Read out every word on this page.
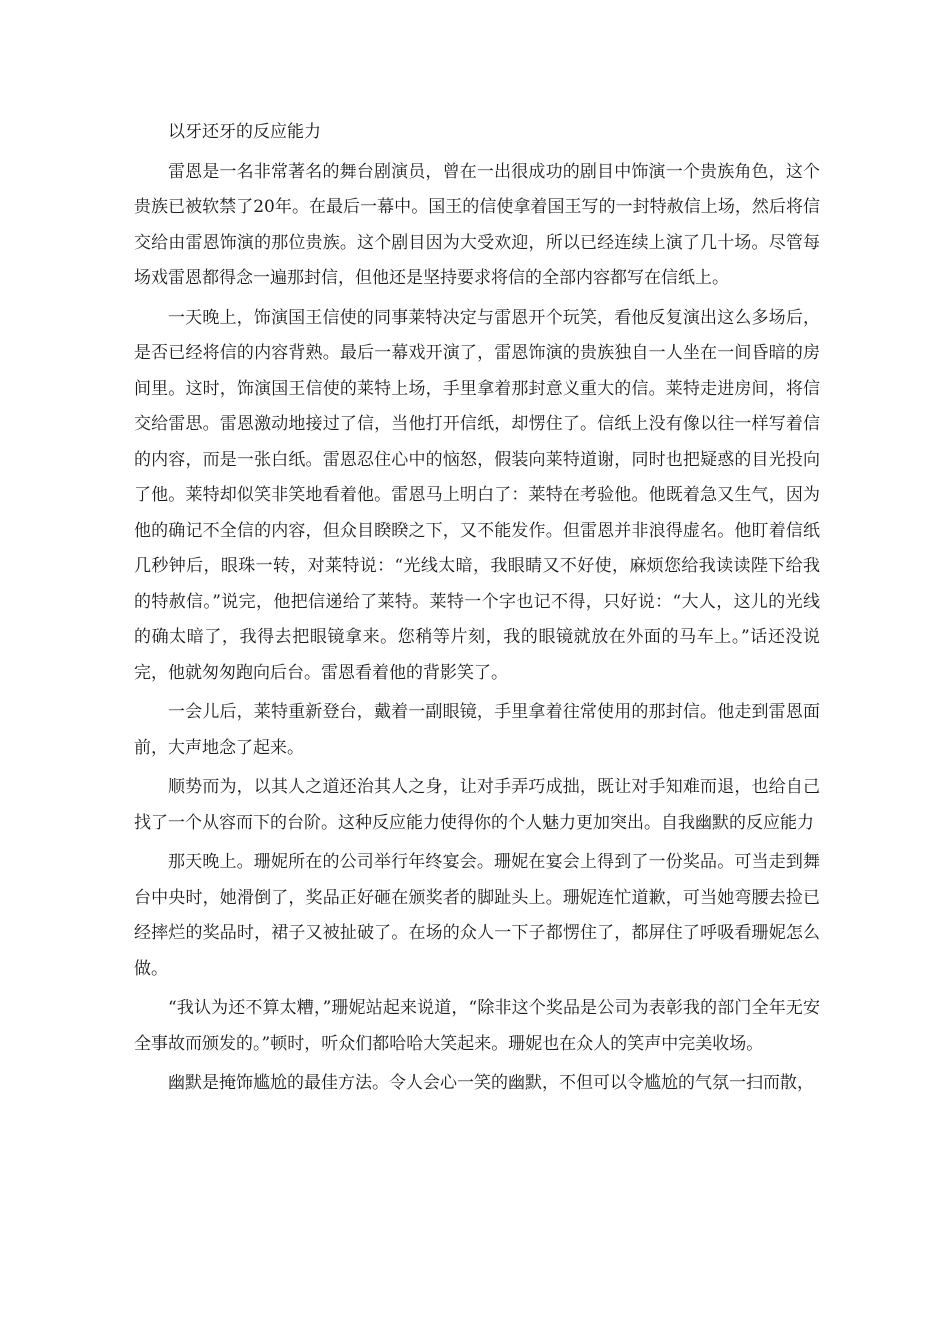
以牙还牙的反应能力

雷恩是一名非常著名的舞台剧演员，曾在一出很成功的剧目中饰演一个贵族角色，这个贵族已被软禁了20年。在最后一幕中。国王的信使拿着国王写的一封特赦信上场，然后将信交给由雷恩饰演的那位贵族。这个剧目因为大受欢迎，所以已经连续上演了几十场。尽管每场戏雷恩都得念一遍那封信，但他还是坚持要求将信的全部内容都写在信纸上。

一天晚上，饰演国王信使的同事莱特决定与雷恩开个玩笑，看他反复演出这么多场后，是否已经将信的内容背熟。最后一幕戏开演了，雷恩饰演的贵族独自一人坐在一间昏暗的房间里。这时，饰演国王信使的莱特上场，手里拿着那封意义重大的信。莱特走进房间，将信交给雷思。雷恩激动地接过了信，当他打开信纸，却愣住了。信纸上没有像以往一样写着信的内容，而是一张白纸。雷恩忍住心中的恼怒，假装向莱特道谢，同时也把疑惑的目光投向了他。莱特却似笑非笑地看着他。雷恩马上明白了：莱特在考验他。他既着急又生气，因为他的确记不全信的内容，但众目睽睽之下，又不能发作。但雷恩并非浪得虚名。他盯着信纸几秒钟后，眼珠一转，对莱特说：“光线太暗，我眼睛又不好使，麻烦您给我读读陛下给我的特赦信。”说完，他把信递给了莱特。莱特一个字也记不得，只好说：“大人，这儿的光线的确太暗了，我得去把眼镜拿来。您稍等片刻，我的眼镜就放在外面的马车上。”话还没说完，他就匆匆跑向后台。雷恩看着他的背影笑了。

一会儿后，莱特重新登台，戴着一副眼镜，手里拿着往常使用的那封信。他走到雷恩面前，大声地念了起来。

顺势而为，以其人之道还治其人之身，让对手弄巧成拙，既让对手知难而退，也给自己找了一个从容而下的台阶。这种反应能力使得你的个人魅力更加突出。自我幽默的反应能力

那天晚上。珊妮所在的公司举行年终宴会。珊妮在宴会上得到了一份奖品。可当走到舞台中央时，她滑倒了，奖品正好砸在颁奖者的脚趾头上。珊妮连忙道歉，可当她弯腰去捡已经摔烂的奖品时，裙子又被扯破了。在场的众人一下子都愣住了，都屏住了呼吸看珊妮怎么做。

“我认为还不算太糟，”珊妮站起来说道，“除非这个奖品是公司为表彰我的部门全年无安全事故而颁发的。”顿时，听众们都哈哈大笑起来。珊妮也在众人的笑声中完美收场。

幽默是掩饰尴尬的最佳方法。令人会心一笑的幽默，不但可以令尴尬的气氛一扫而散，
